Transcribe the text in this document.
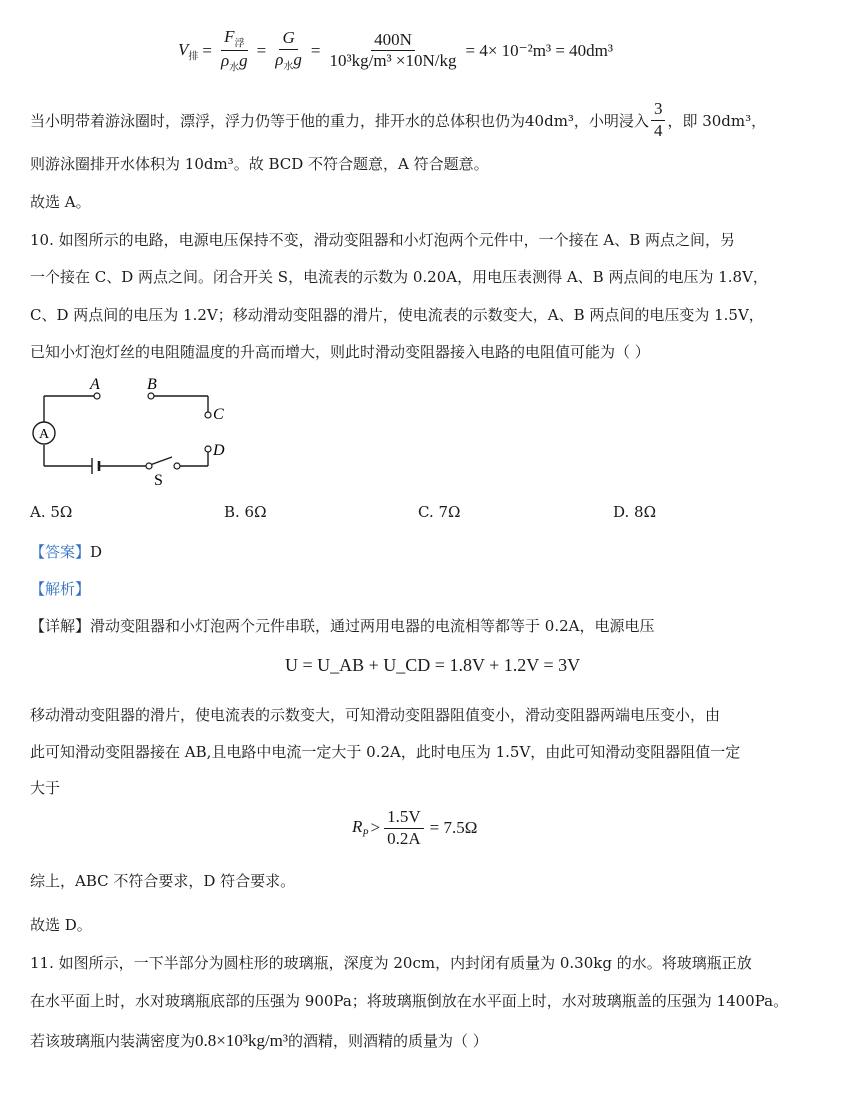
$V_排 = \frac{F_浮}{\rho_水g} = \frac{G}{\rho_水g} = \frac{400N}{\text{10³kg/m³ ×10N/kg}} = 4\times 10^{-2}m^3 = 40dm^3$
当小明带着游泳圈时，漂浮，浮力仍等于他的重力，排开水的总体积也仍为40dm³，小明浸入 $\frac{3}{4}$ ，即 30dm³，
则游泳圈排开水体积为 10dm³。故 BCD 不符合题意，A 符合题意。
故选 A。
10. 如图所示的电路，电源电压保持不变，滑动变阻器和小灯泡两个元件中，一个接在 A、B 两点之间，另
一个接在 C、D 两点之间。闭合开关 S，电流表的示数为 0.20A，用电压表测得 A、B 两点间的电压为 1.8V，
C、D 两点间的电压为 1.2V；移动滑动变阻器的滑片，使电流表的示数变大，A、B 两点间的电压变为 1.5V，
已知小灯泡灯丝的电阻随温度的升高而增大，则此时滑动变阻器接入电路的电阻值可能为（ ）
A
A	B
C
D
S
A. 5Ω	B. 6Ω	C. 7Ω	D. 8Ω
【答案】D
【解析】
【详解】滑动变阻器和小灯泡两个元件串联，通过两用电器的电流相等都等于 0.2A，电源电压
U = U_AB + U_CD = 1.8V + 1.2V = 3V
移动滑动变阻器的滑片，使电流表的示数变大，可知滑动变阻器阻值变小，滑动变阻器两端电压变小，由
此可知滑动变阻器接在 AB,且电路中电流一定大于 0.2A，此时电压为 1.5V，由此可知滑动变阻器阻值一定
大于
$R_P > \frac{1.5V}{0.2A} = 7.5\Omega$
综上，ABC 不符合要求，D 符合要求。
故选 D。
11. 如图所示，一下半部分为圆柱形的玻璃瓶，深度为 20cm，内封闭有质量为 0.30kg 的水。将玻璃瓶正放
在水平面上时，水对玻璃瓶底部的压强为 900Pa；将玻璃瓶倒放在水平面上时，水对玻璃瓶盖的压强为 1400Pa。
若该玻璃瓶内装满密度为0.8×10³kg/m³的酒精，则酒精的质量为（ ）
